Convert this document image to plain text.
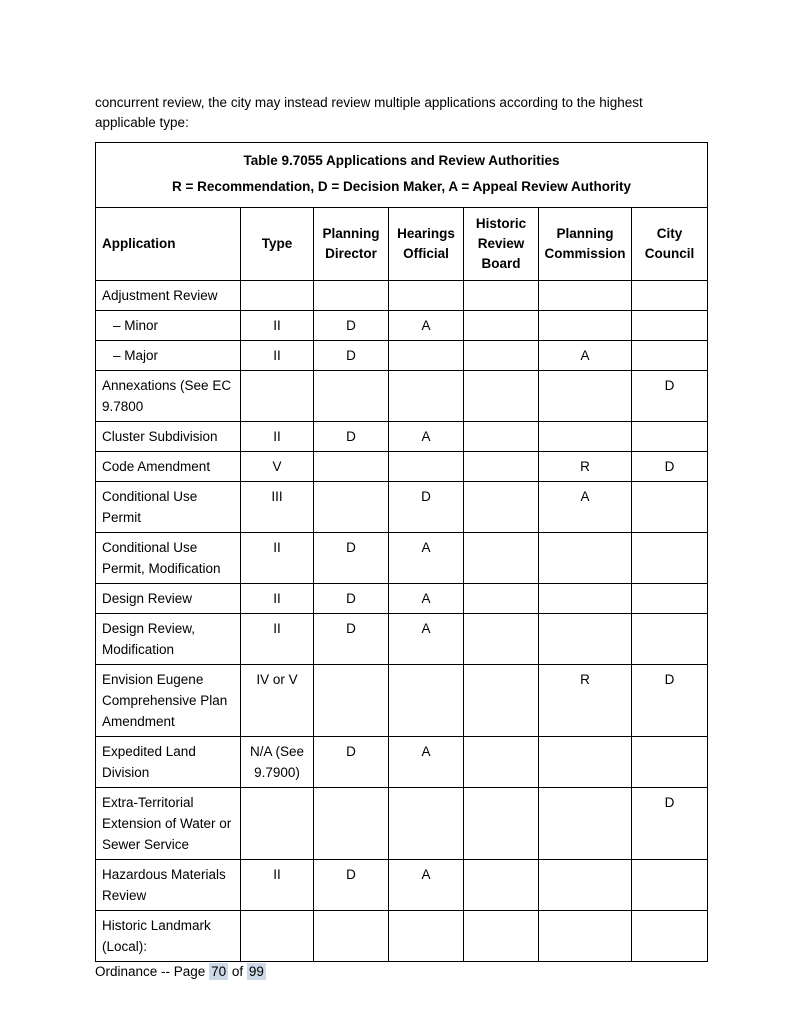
concurrent review, the city may instead review multiple applications according to the highest applicable type:

Table 9.7055 Applications and Review Authorities
R = Recommendation, D = Decision Maker, A = Appeal Review Authority						

Application	Type	Planning Director	Hearings Official	Historic Review Board	Planning Commission	City Council
Adjustment Review						
– Minor	II	D	A			
– Major	II	D			A	
Annexations (See EC 9.7800						D
Cluster Subdivision	II	D	A			
Code Amendment	V				R	D
Conditional Use Permit	III		D		A	
Conditional Use Permit, Modification	II	D	A			
Design Review	II	D	A			
Design Review, Modification	II	D	A			
Envision Eugene Comprehensive Plan Amendment	IV or V				R	D
Expedited Land Division	N/A (See 9.7900)	D	A			
Extra-Territorial Extension of Water or Sewer Service						D
Hazardous Materials Review	II	D	A			
Historic Landmark (Local):						

Ordinance -- Page 70 of 99
